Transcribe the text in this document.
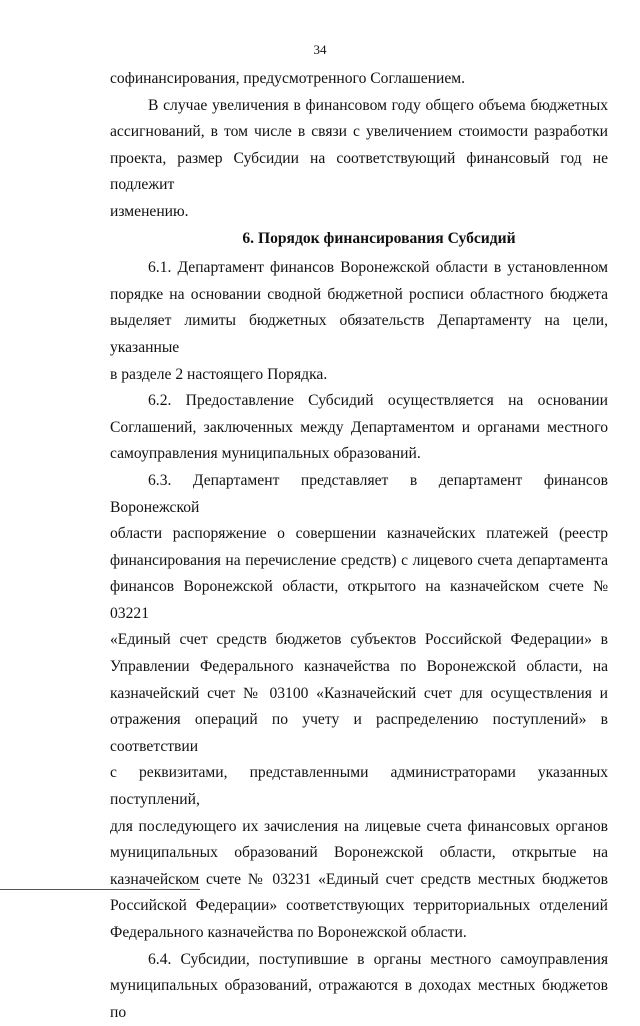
34

софинансирования, предусмотренного Соглашением.

В случае увеличения в финансовом году общего объема бюджетных

ассигнований, в том числе в связи с увеличением стоимости разработки

проекта, размер Субсидии на соответствующий финансовый год не подлежит

изменению.

6. Порядок финансирования Субсидий

6.1. Департамент финансов Воронежской области в установленном

порядке на основании сводной бюджетной росписи областного бюджета

выделяет лимиты бюджетных обязательств Департаменту на цели, указанные

в разделе 2 настоящего Порядка.

6.2. Предоставление Субсидий осуществляется на основании

Соглашений, заключенных между Департаментом и органами местного

самоуправления муниципальных образований.

6.3. Департамент представляет в департамент финансов Воронежской

области распоряжение о совершении казначейских платежей (реестр

финансирования на перечисление средств) с лицевого счета департамента

финансов Воронежской области, открытого на казначейском счете № 03221

«Единый счет средств бюджетов субъектов Российской Федерации» в

Управлении Федерального казначейства по Воронежской области, на

казначейский счет № 03100 «Казначейский счет для осуществления и

отражения операций по учету и распределению поступлений» в соответствии

с реквизитами, представленными администраторами указанных поступлений,

для последующего их зачисления на лицевые счета финансовых органов

муниципальных образований Воронежской области, открытые на

казначейском счете № 03231 «Единый счет средств местных бюджетов

Российской Федерации» соответствующих территориальных отделений

Федерального казначейства по Воронежской области.

6.4. Субсидии, поступившие в органы местного самоуправления

муниципальных образований, отражаются в доходах местных бюджетов по
